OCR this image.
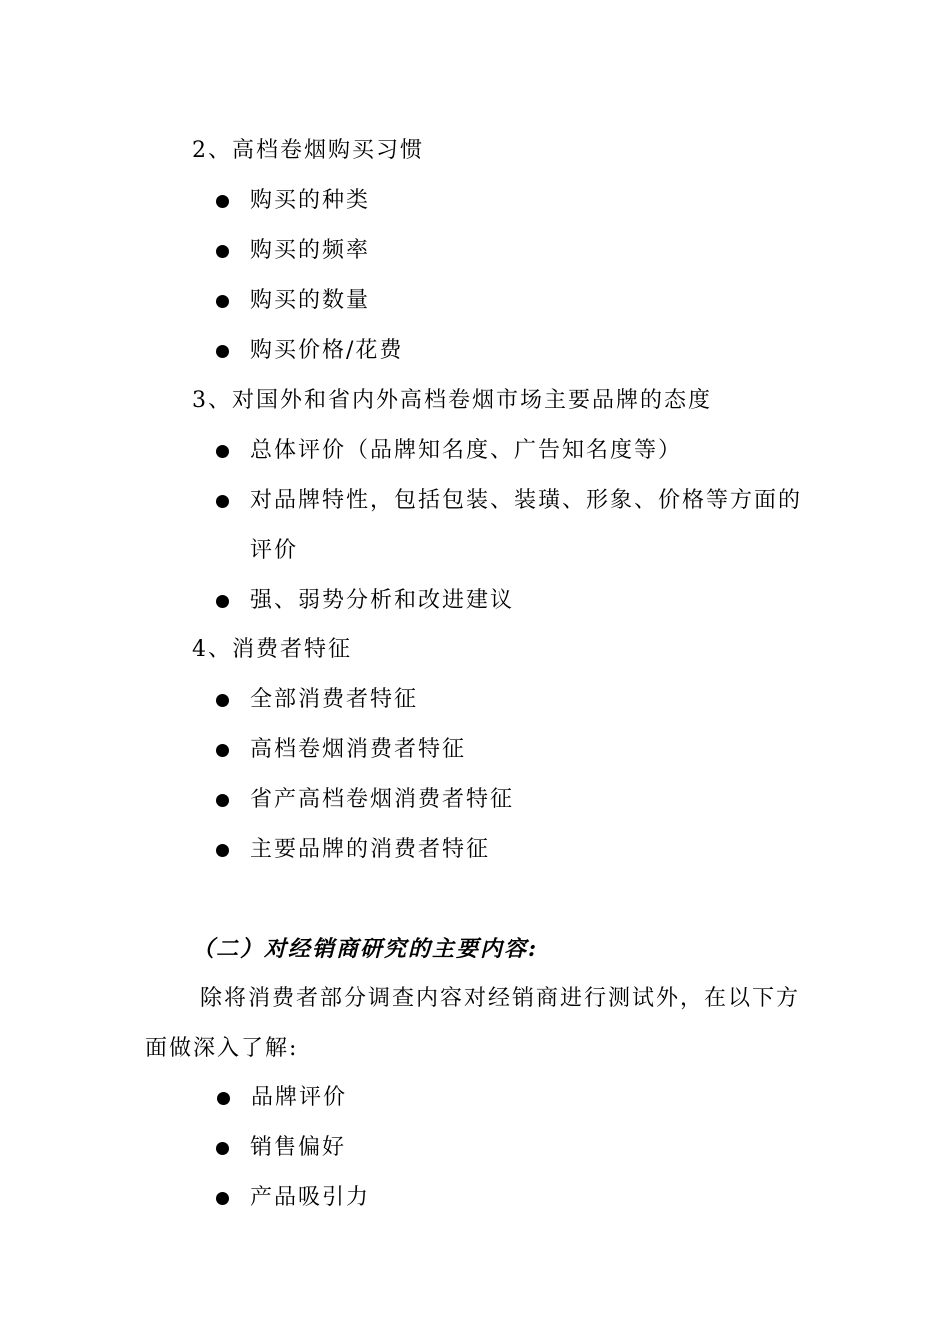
2、高档卷烟购买习惯
购买的种类
购买的频率
购买的数量
购买价格/花费
3、对国外和省内外高档卷烟市场主要品牌的态度
总体评价（品牌知名度、广告知名度等）
对品牌特性，包括包装、装璜、形象、价格等方面的
评价
强、弱势分析和改进建议
4、消费者特征
全部消费者特征
高档卷烟消费者特征
省产高档卷烟消费者特征
主要品牌的消费者特征
（二）对经销商研究的主要内容:
除将消费者部分调查内容对经销商进行测试外，在以下方
面做深入了解:
品牌评价
销售偏好
产品吸引力
